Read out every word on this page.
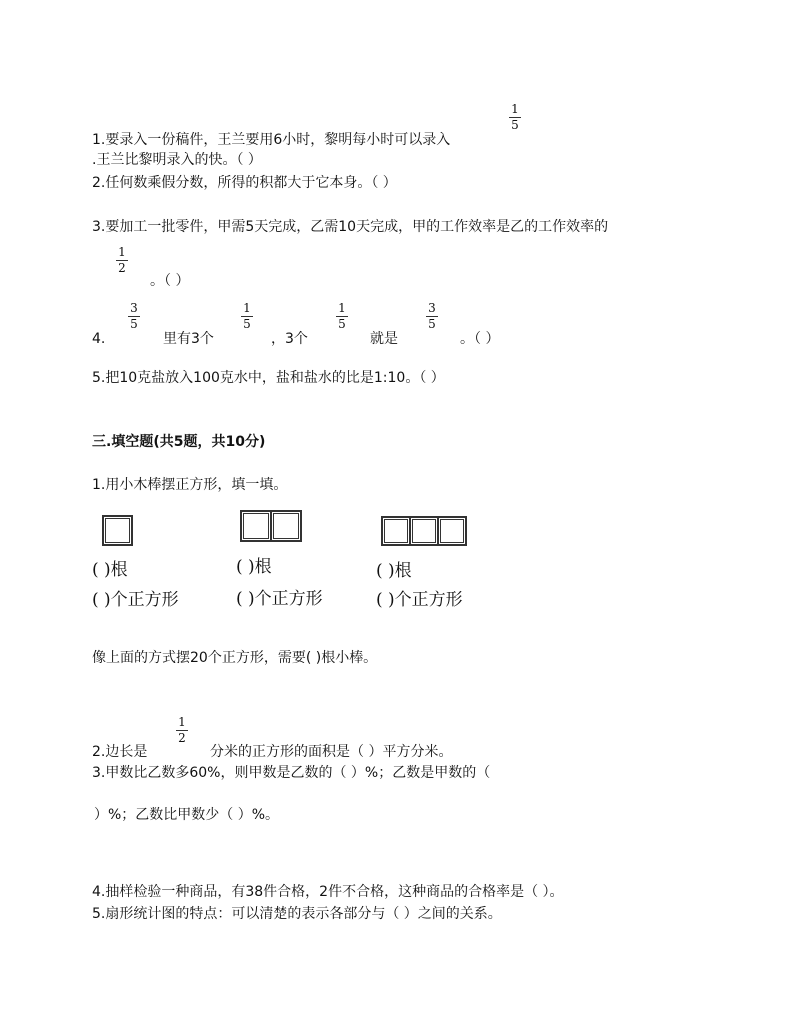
1
5
1.要录入一份稿件，王兰要用6小时，黎明每小时可以录入
.王兰比黎明录入的快。（ ）
2.任何数乘假分数，所得的积都大于它本身。（ ）
3.要加工一批零件，甲需5天完成，乙需10天完成，甲的工作效率是乙的工作效率的
1
2
。（ ）
4.
3
5
里有3个
1
5
，3个
1
5
就是
3
5
。（ ）
5.把10克盐放入100克水中，盐和盐水的比是1:10。（ ）
三.填空题(共5题，共10分)
1.用小木棒摆正方形，填一填。
( )根	( )根	( )根
( )个正方形	( )个正方形	( )个正方形
像上面的方式摆20个正方形，需要( )根小棒。
1
2
2.边长是	分米的正方形的面积是（ ）平方分米。
3.甲数比乙数多60%，则甲数是乙数的（ ）%；乙数是甲数的（
）%；乙数比甲数少（ ）%。
4.抽样检验一种商品，有38件合格，2件不合格，这种商品的合格率是（ ）。
5.扇形统计图的特点：可以清楚的表示各部分与（ ）之间的关系。
